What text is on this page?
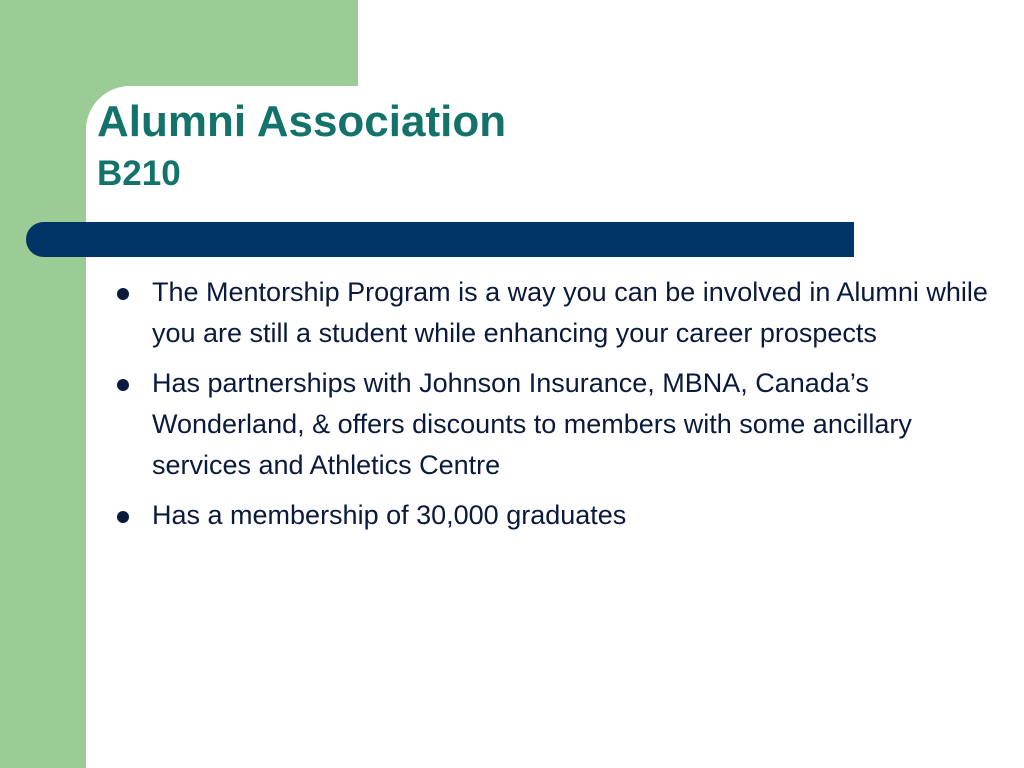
Alumni Association
B210
The Mentorship Program is a way you can be involved in Alumni while you are still a student while enhancing your career prospects
Has partnerships with Johnson Insurance, MBNA, Canada’s Wonderland, & offers discounts to members with some ancillary services and Athletics Centre
Has a membership of 30,000 graduates
